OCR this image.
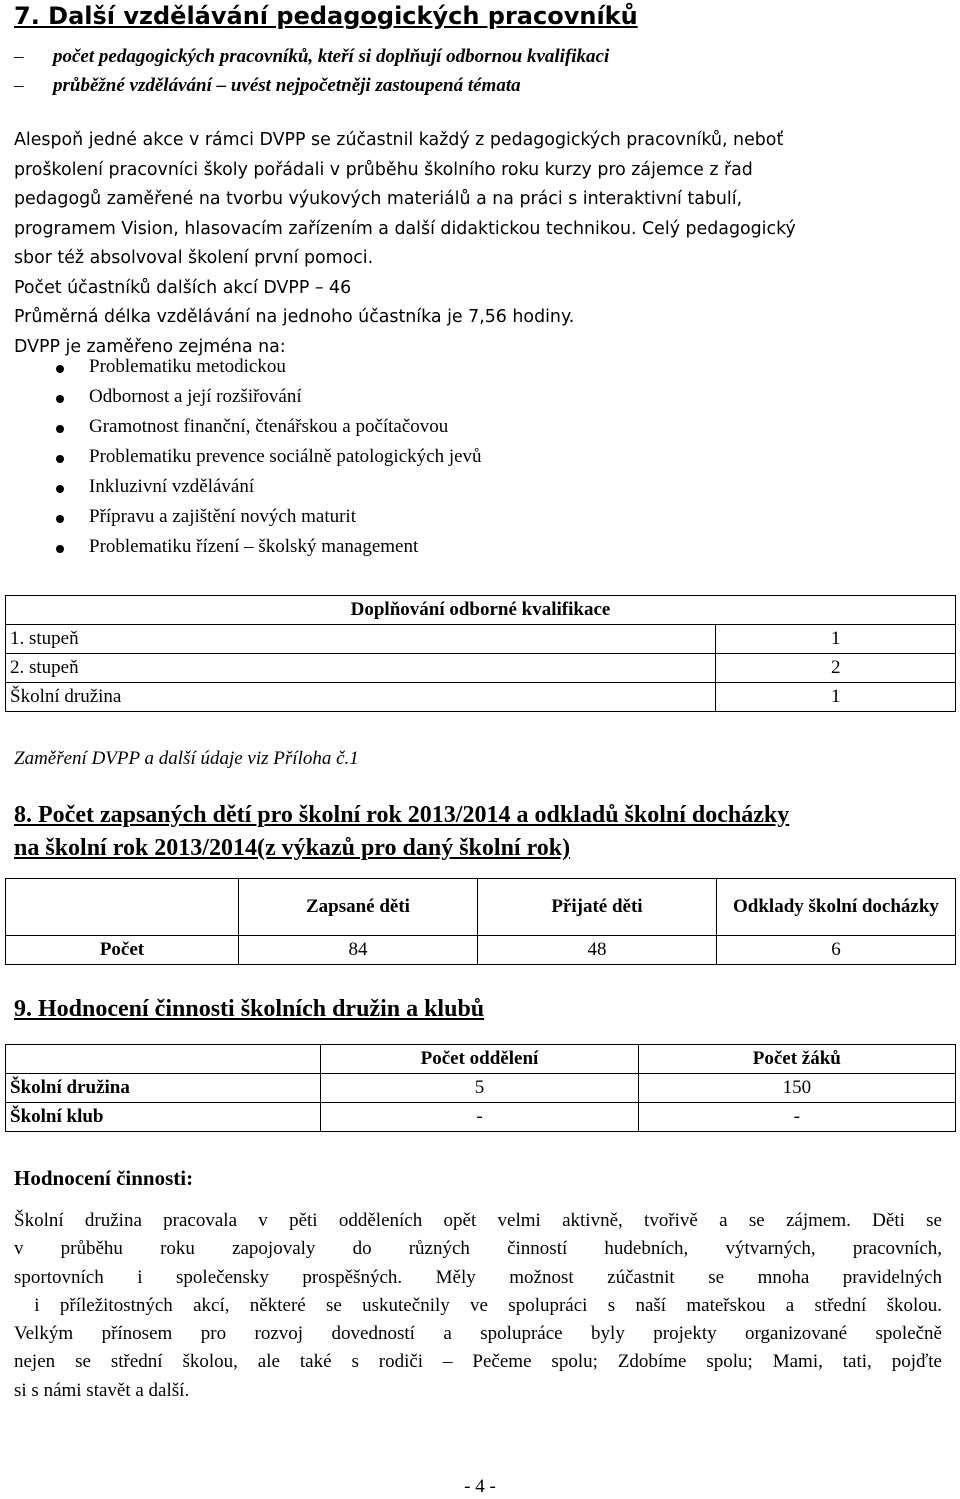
7. Další vzdělávání pedagogických pracovníků
– počet pedagogických pracovníků, kteří si doplňují odbornou kvalifikaci
– průběžné vzdělávání – uvést nejpočetněji zastoupená témata
Alespoň jedné akce v rámci DVPP se zúčastnil každý z pedagogických pracovníků, neboť
proškolení pracovníci školy pořádali v průběhu školního roku kurzy pro zájemce z řad
pedagogů zaměřené na tvorbu výukových materiálů a na práci s interaktivní tabulí,
programem Vision, hlasovacím zařízením a další didaktickou technikou. Celý pedagogický
sbor též absolvoval školení první pomoci.
Počet účastníků dalších akcí DVPP – 46
Průměrná délka vzdělávání na jednoho účastníka je 7,56 hodiny.
DVPP je zaměřeno zejména na:
Problematiku metodickou
Odbornost a její rozšiřování
Gramotnost finanční, čtenářskou a počítačovou
Problematiku prevence sociálně patologických jevů
Inkluzivní vzdělávání
Přípravu a zajištění nových maturit
Problematiku řízení – školský management
Doplňování odborné kvalifikace	
1. stupeň	1
2. stupeň	2
Školní družina	1
Zaměření DVPP a další údaje viz Příloha č.1
8. Počet zapsaných dětí pro školní rok 2013/2014 a odkladů školní docházky
na školní rok 2013/2014(z výkazů pro daný školní rok)
	Zapsané děti	Přijaté děti	Odklady školní docházky
Počet	84	48	6
9. Hodnocení činnosti školních družin a klubů
	Počet oddělení	Počet žáků
Školní družina	5	150
Školní klub	-	-
Hodnocení činnosti:
Školní družina pracovala v pěti odděleních opět velmi aktivně, tvořivě a se zájmem. Děti se
v průběhu roku zapojovaly do různých činností hudebních, výtvarných, pracovních,
sportovních i společensky prospěšných. Měly možnost zúčastnit se mnoha pravidelných
i příležitostných akcí, některé se uskutečnily ve spolupráci s naší mateřskou a střední školou.
Velkým přínosem pro rozvoj dovedností a spolupráce byly projekty organizované společně
nejen se střední školou, ale také s rodiči – Pečeme spolu; Zdobíme spolu; Mami, tati, pojďte
si s námi stavět a další.
- 4 -
